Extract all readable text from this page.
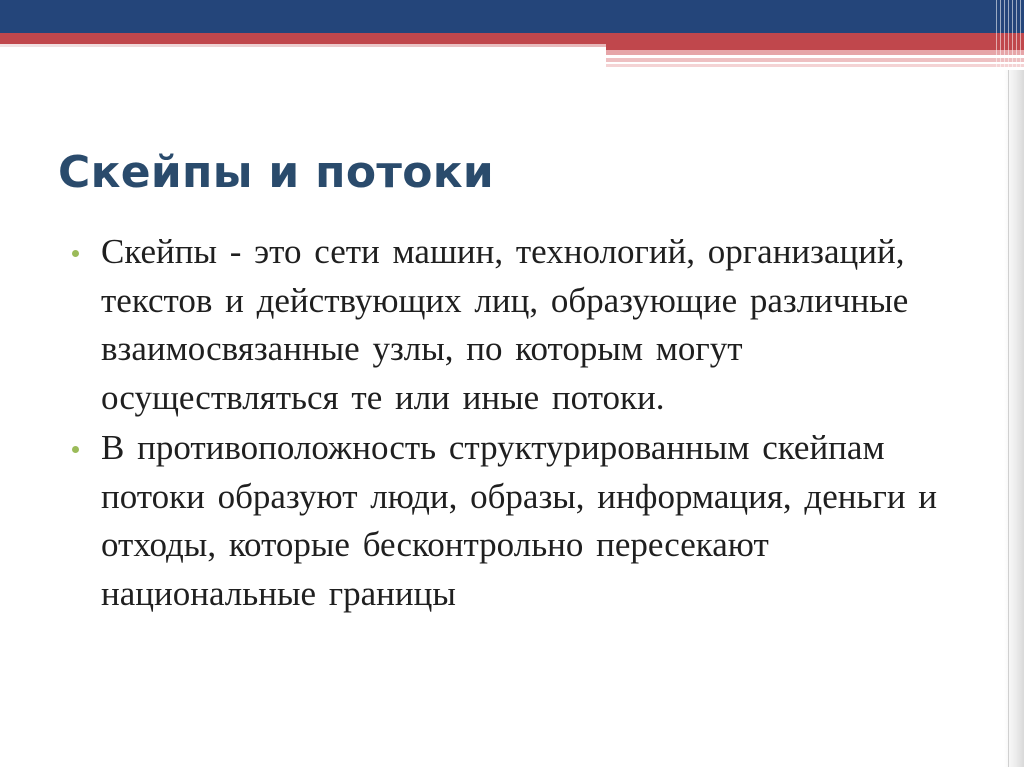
Скейпы и потоки
Скейпы - это сети машин, технологий, организаций, текстов и действующих лиц, образующие различные взаимосвязанные узлы, по которым могут осуществляться те или иные потоки.
В противоположность структурированным скейпам потоки образуют люди, образы, информация, деньги и отходы, которые бесконтрольно пересекают национальные границы
